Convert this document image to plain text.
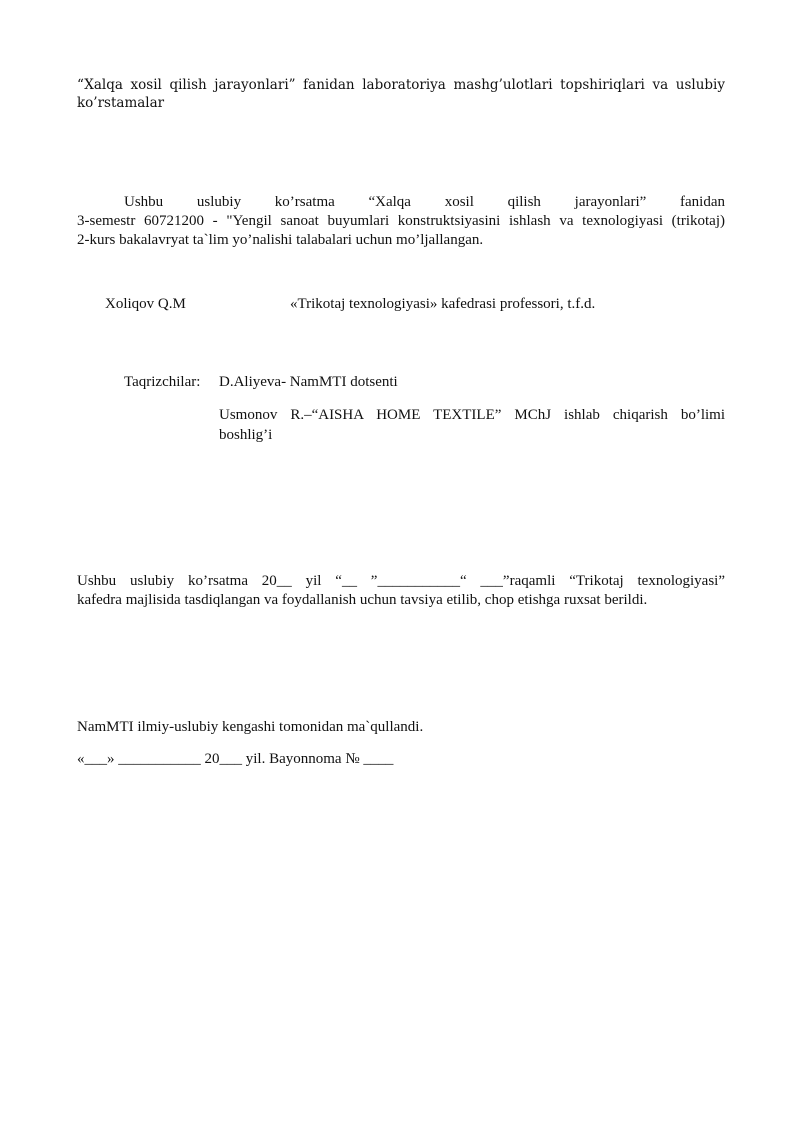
“Xalqa xosil qilish jarayonlari” fanidan laboratoriya mashg’ulotlari topshiriqlari va uslubiy ko’rstamalar
Ushbu uslubiy ko’rsatma “Xalqa xosil qilish jarayonlari” fanidan
3-semestr 60721200 - "Yengil sanoat buyumlari konstruktsiyasini ishlash va texnologiyasi (trikotaj)
2-kurs bakalavryat ta`lim yo’nalishi talabalari uchun mo’ljallangan.
Xoliqov Q.M	«Trikotaj texnologiyasi» kafedrasi professori, t.f.d.
Taqrizchilar: D.Aliyeva- NamMTI dotsenti
Usmonov R.–“AISHA HOME TEXTILE” MChJ ishlab chiqarish bo’limi boshlig’i
Ushbu uslubiy ko’rsatma 20__ yil “__ ”___________“ ___”raqamli “Trikotaj texnologiyasi”
kafedra majlisida tasdiqlangan va foydallanish uchun tavsiya etilib, chop etishga ruxsat berildi.
NamMTI ilmiy-uslubiy kengashi tomonidan ma`qullandi.
«___» ___________ 20___ yil. Bayonnoma № ____
